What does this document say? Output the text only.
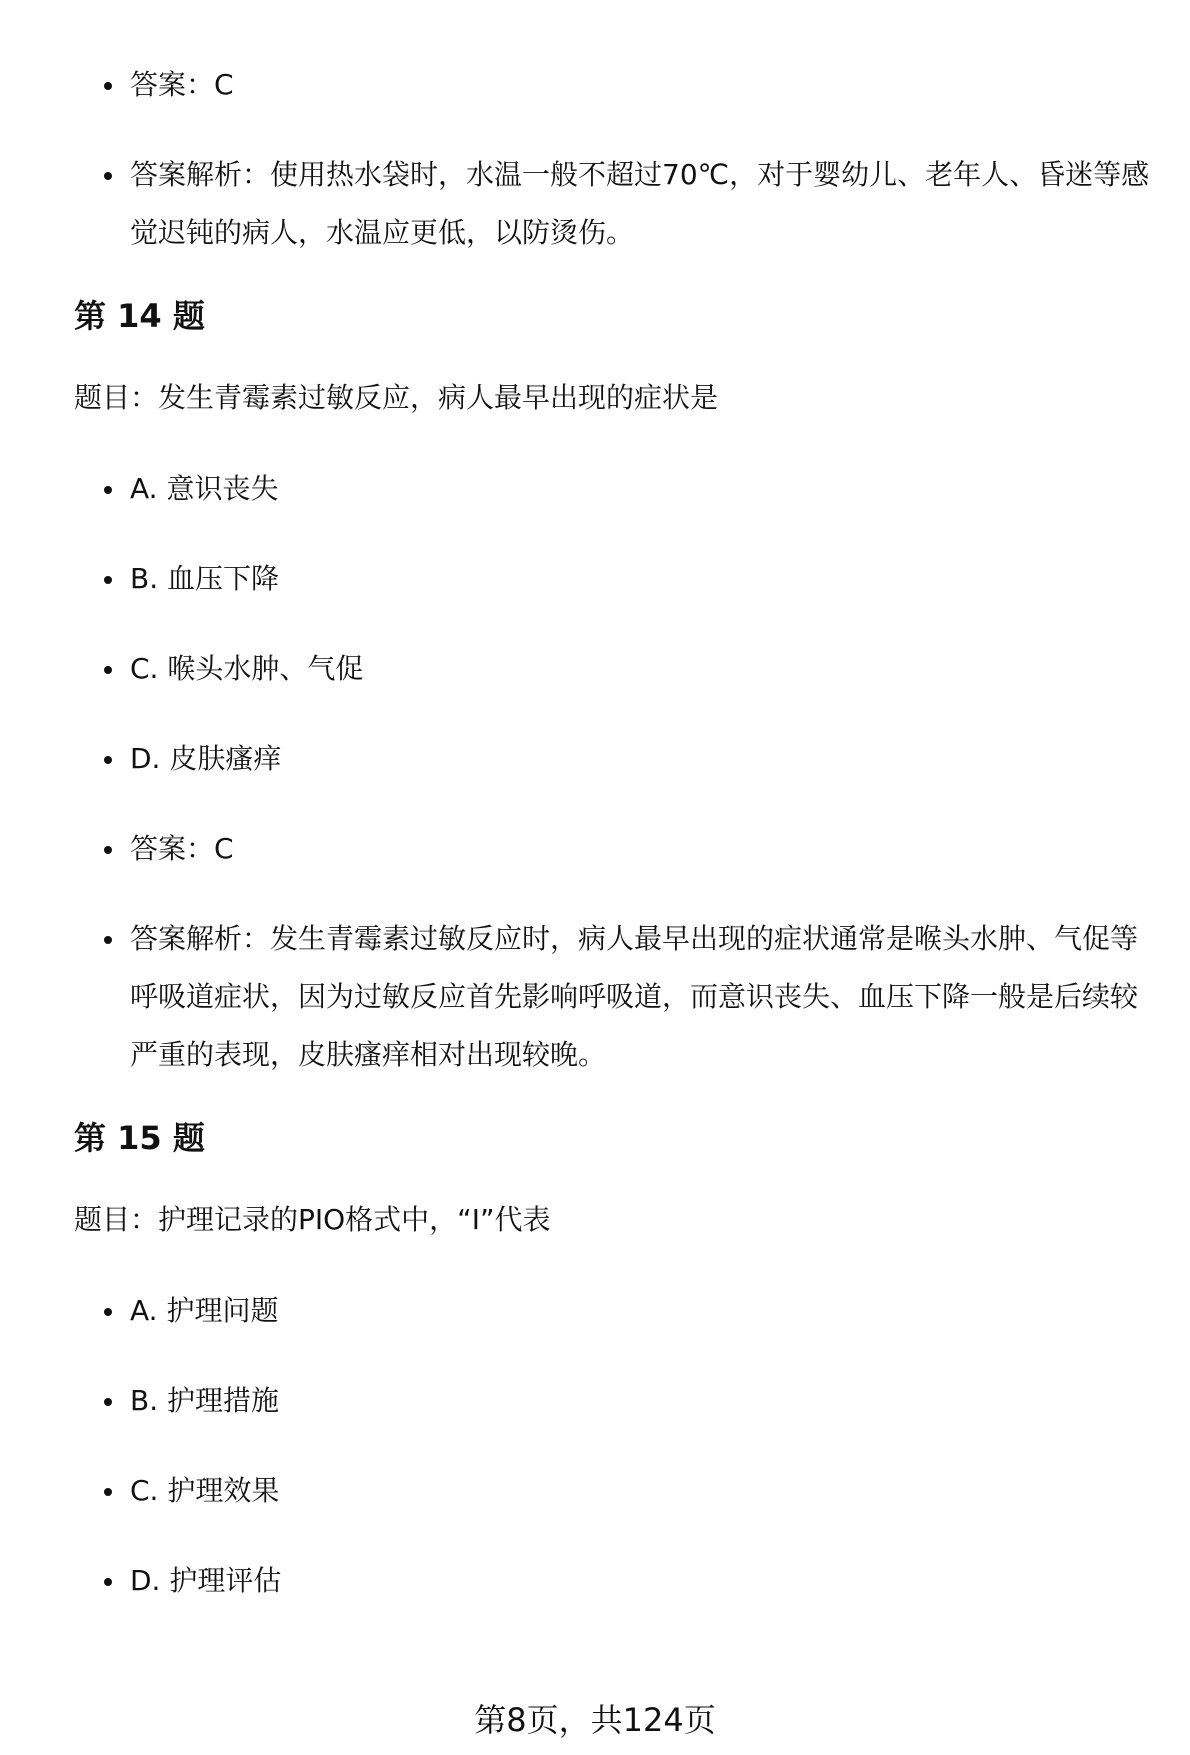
答案：C
答案解析：使用热水袋时，水温一般不超过70℃，对于婴幼儿、老年人、昏迷等感觉迟钝的病人，水温应更低，以防烫伤。
第 14 题
题目：发生青霉素过敏反应，病人最早出现的症状是
A. 意识丧失
B. 血压下降
C. 喉头水肿、气促
D. 皮肤瘙痒
答案：C
答案解析：发生青霉素过敏反应时，病人最早出现的症状通常是喉头水肿、气促等呼吸道症状，因为过敏反应首先影响呼吸道，而意识丧失、血压下降一般是后续较严重的表现，皮肤瘙痒相对出现较晚。
第 15 题
题目：护理记录的PIO格式中，“I”代表
A. 护理问题
B. 护理措施
C. 护理效果
D. 护理评估
第8页，共124页
